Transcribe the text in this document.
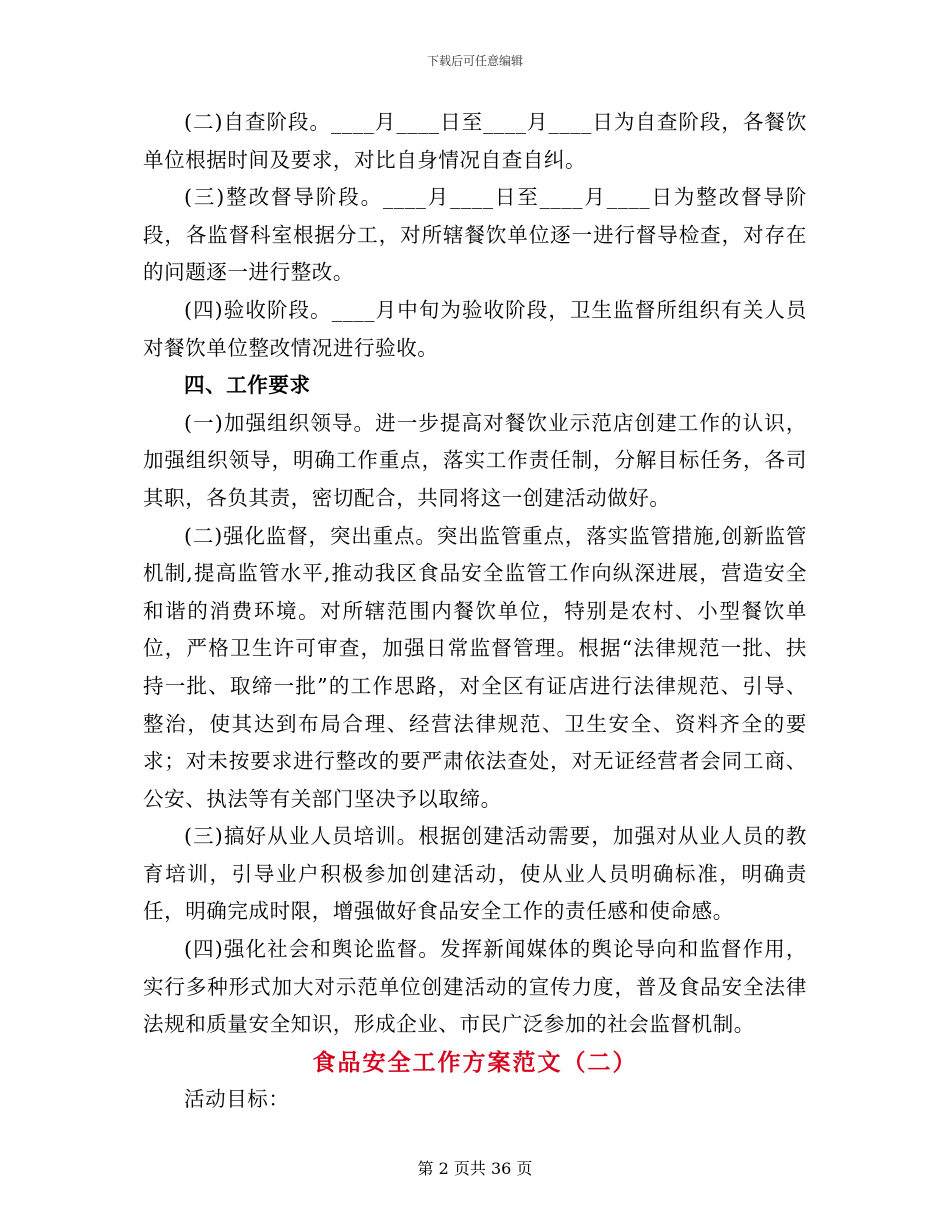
下载后可任意编辑

(二)自查阶段。____月____日至____月____日为自查阶段，各餐饮单位根据时间及要求，对比自身情况自查自纠。

(三)整改督导阶段。____月____日至____月____日为整改督导阶段，各监督科室根据分工，对所辖餐饮单位逐一进行督导检查，对存在的问题逐一进行整改。

(四)验收阶段。____月中旬为验收阶段，卫生监督所组织有关人员对餐饮单位整改情况进行验收。

四、工作要求

(一)加强组织领导。进一步提高对餐饮业示范店创建工作的认识，加强组织领导，明确工作重点，落实工作责任制，分解目标任务，各司其职，各负其责，密切配合，共同将这一创建活动做好。

(二)强化监督，突出重点。突出监管重点，落实监管措施,创新监管机制,提高监管水平,推动我区食品安全监管工作向纵深进展，营造安全和谐的消费环境。对所辖范围内餐饮单位，特别是农村、小型餐饮单位，严格卫生许可审查，加强日常监督管理。根据“法律规范一批、扶持一批、取缔一批”的工作思路，对全区有证店进行法律规范、引导、整治，使其达到布局合理、经营法律规范、卫生安全、资料齐全的要求；对未按要求进行整改的要严肃依法查处，对无证经营者会同工商、公安、执法等有关部门坚决予以取缔。

(三)搞好从业人员培训。根据创建活动需要，加强对从业人员的教育培训，引导业户积极参加创建活动，使从业人员明确标准，明确责任，明确完成时限，增强做好食品安全工作的责任感和使命感。

(四)强化社会和舆论监督。发挥新闻媒体的舆论导向和监督作用，实行多种形式加大对示范单位创建活动的宣传力度，普及食品安全法律法规和质量安全知识，形成企业、市民广泛参加的社会监督机制。

食品安全工作方案范文（二）

活动目标：

第 2 页共 36 页
